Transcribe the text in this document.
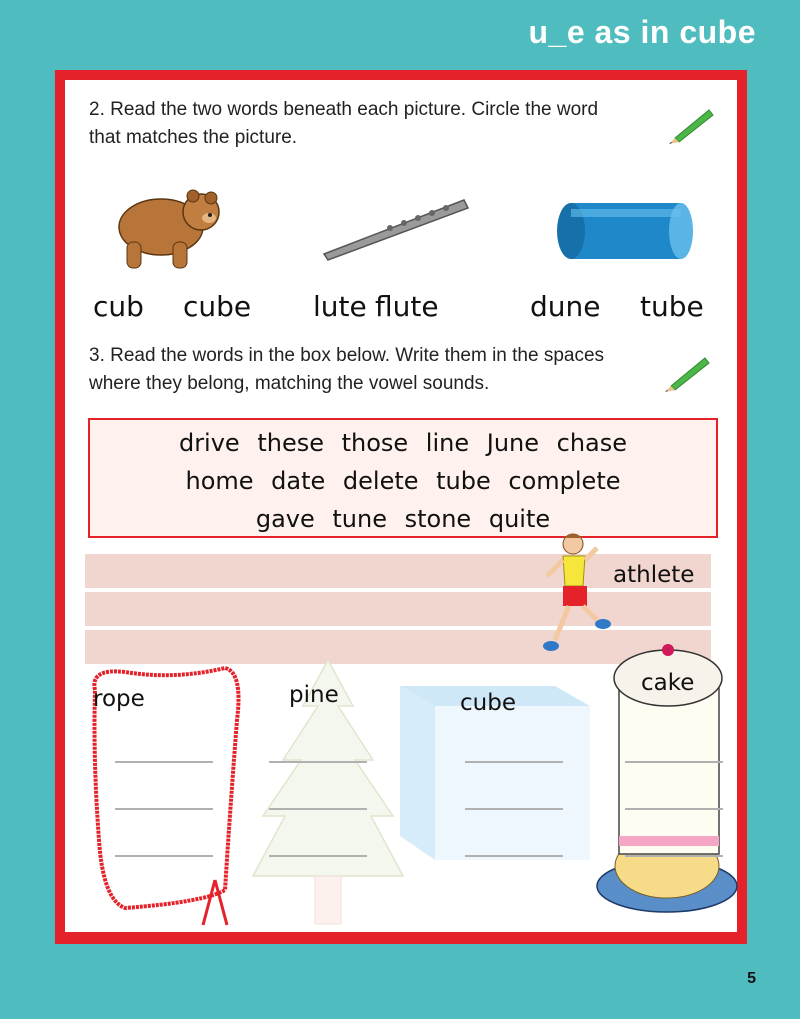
u_e as in cube
2. Read the two words beneath each picture. Circle the word
that matches the picture.
cub cube lute flute	dune tube
3. Read the words in the box below. Write them in the spaces
where they belong, matching the vowel sounds.
drive these those line June chase
home date delete tube complete
gave tune stone quite
athlete
rope	pine	cube
cake
5
